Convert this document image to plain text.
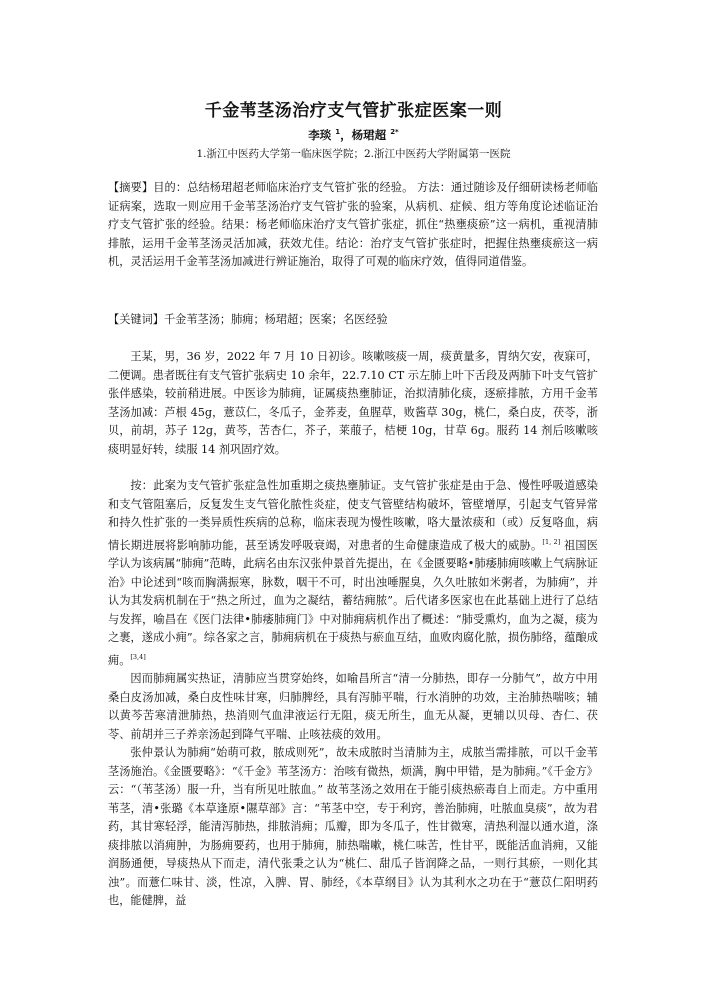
千金苇茎汤治疗支气管扩张症医案一则
李琰 $^1$，杨珺超 $^{2*}$
1.浙江中医药大学第一临床医学院；2.浙江中医药大学附属第一医院
【摘要】目的：总结杨珺超老师临床治疗支气管扩张的经验。 方法：通过随诊及仔细研读杨老师临证病案，选取一则应用千金苇茎汤治疗支气管扩张的验案，从病机、症候、组方等角度论述临证治疗支气管扩张的经验。结果：杨老师临床治疗支气管扩张症，抓住“热壅痰瘀”这一病机，重视清肺排脓，运用千金苇茎汤灵活加减，获效尤佳。结论：治疗支气管扩张症时，把握住热壅痰瘀这一病机，灵活运用千金苇茎汤加减进行辨证施治，取得了可观的临床疗效，值得同道借鉴。
【关键词】千金苇茎汤；肺痈；杨珺超；医案；名医经验

王某，男，36 岁，2022 年 7 月 10 日初诊。咳嗽咳痰一周，痰黄量多，胃纳欠安，夜寐可，二便调。患者既往有支气管扩张病史 10 余年，22.7.10 CT 示左肺上叶下舌段及两肺下叶支气管扩张伴感染，较前稍进展。中医诊为肺痈，证属痰热壅肺证，治拟清肺化痰，逐瘀排脓，方用千金苇茎汤加减：芦根 45g，薏苡仁，冬瓜子，金荞麦，鱼腥草，败酱草 30g，桃仁，桑白皮，茯苓，浙贝，前胡，苏子 12g，黄芩，苦杏仁，芥子，莱菔子，桔梗 10g，甘草 6g。服药 14 剂后咳嗽咳痰明显好转，续服 14 剂巩固疗效。

按：此案为支气管扩张症急性加重期之痰热壅肺证。支气管扩张症是由于急、慢性呼吸道感染和支气管阻塞后，反复发生支气管化脓性炎症，使支气管壁结构破坏，管壁增厚，引起支气管异常和持久性扩张的一类异质性疾病的总称，临床表现为慢性咳嗽，咯大量浓痰和（或）反复咯血，病情长期进展将影响肺功能，甚至诱发呼吸衰竭，对患者的生命健康造成了极大的威胁。[1, 2] 祖国医学认为该病属“肺痈”范畴，此病名由东汉张仲景首先提出，在《金匮要略•肺痿肺痈咳嗽上气病脉证治》中论述到“咳而胸满振寒，脉数，咽干不可，时出浊唾腥臭，久久吐脓如米粥者，为肺痈”，并认为其发病机制在于“热之所过，血为之凝结，蓄结痈脓”。后代诸多医家也在此基础上进行了总结与发挥，喻昌在《医门法律•肺痿肺痈门》中对肺痈病机作出了概述：“肺受熏灼，血为之凝，痰为之裹，遂成小痈”。综各家之言，肺痈病机在于痰热与瘀血互结，血败肉腐化脓，损伤肺络，蕴酿成痈。[3,4]

因而肺痈属实热证，清肺应当贯穿始终，如喻昌所言“清一分肺热，即存一分肺气”，故方中用桑白皮汤加减，桑白皮性味甘寒，归肺脾经，具有泻肺平喘，行水消肿的功效，主治肺热喘咳；辅以黄芩苦寒清泄肺热，热消则气血津液运行无阻，痰无所生，血无从凝，更辅以贝母、杏仁、茯苓、前胡并三子养亲汤起到降气平喘、止咳祛痰的效用。

张仲景认为肺痈“始萌可救，脓成则死”，故未成脓时当清肺为主，成脓当需排脓，可以千金苇茎汤施治。《金匮要略》：“《千金》苇茎汤方：治咳有微热，烦满，胸中甲错，是为肺痈。”《千金方》云：“（苇茎汤）服一升，当有所见吐脓血。” 故苇茎汤之效用在于能引痰热瘀毒自上而走。方中重用苇茎，清•张璐《本草逢原•隰草部》言：“苇茎中空，专于利窍，善治肺痈，吐脓血臭痰”，故为君药，其甘寒轻浮，能清泻肺热，排脓消痈；瓜瓣，即为冬瓜子，性甘微寒，清热利湿以通水道，涤痰排脓以消痈肿，为肠痈要药，也用于肺痈，肺热喘嗽，桃仁味苦，性甘平，既能活血消痈，又能润肠通便，导痰热从下而走，清代张秉之认为“桃仁、甜瓜子皆润降之品，一则行其瘀，一则化其浊”。而薏仁味甘、淡，性凉，入脾、胃、肺经，《本草纲目》认为其利水之功在于“薏苡仁阳明药也，能健脾，益
